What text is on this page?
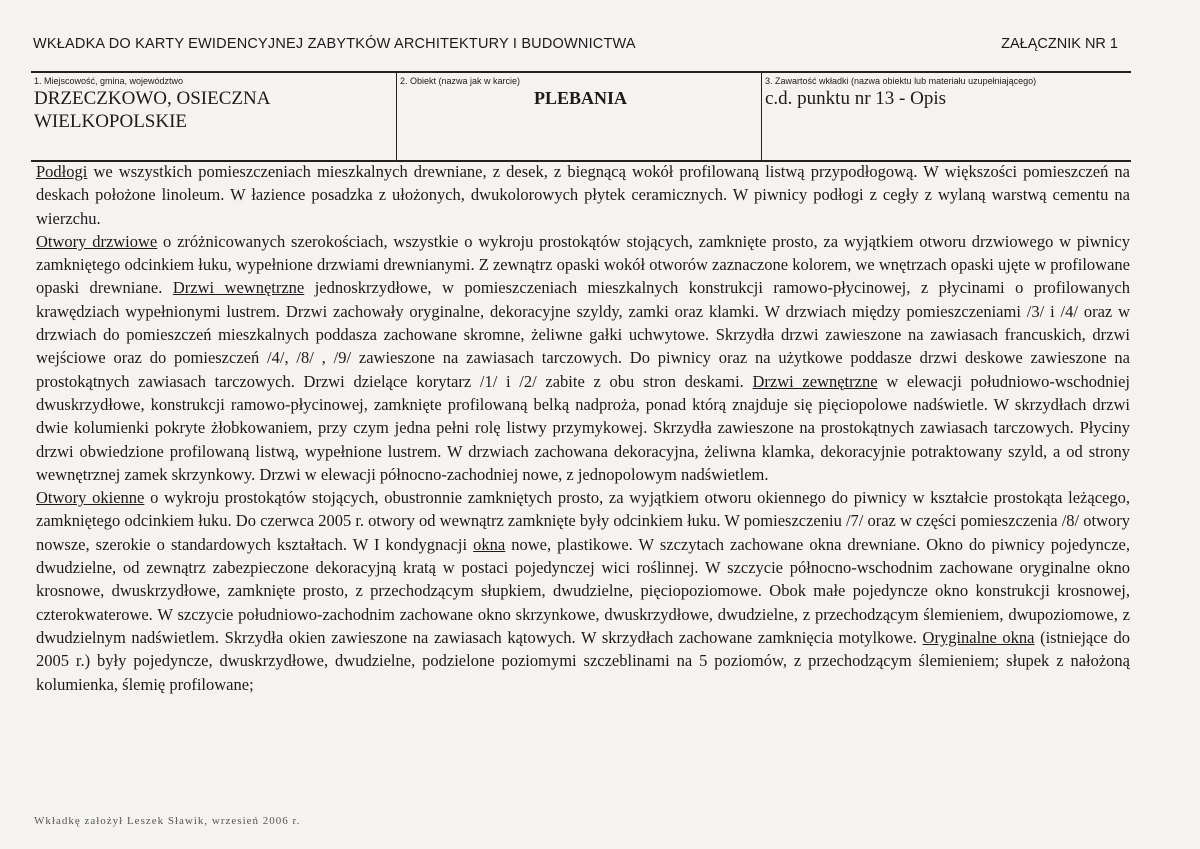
WKŁADKA DO KARTY EWIDENCYJNEJ ZABYTKÓW ARCHITEKTURY I BUDOWNICTWA	ZAŁĄCZNIK NR 1
1. Miejscowość, gmina, województwo
DRZECZKOWO, OSIECZNA WIELKOPOLSKIE
2. Obiekt (nazwa jak w karcie)
PLEBANIA
3. Zawartość wkładki (nazwa obiektu lub materiału uzupełniającego)
c.d. punktu nr 13 - Opis

Podłogi we wszystkich pomieszczeniach mieszkalnych drewniane, z desek, z biegnącą wokół profilowaną listwą przypodłogową. W większości pomieszczeń na deskach położone linoleum. W łazience posadzka z ułożonych, dwukolorowych płytek ceramicznych. W piwnicy podłogi z cegły z wylaną warstwą cementu na wierzchu.

Otwory drzwiowe o zróżnicowanych szerokościach, wszystkie o wykroju prostokątów stojących, zamknięte prosto, za wyjątkiem otworu drzwiowego w piwnicy zamkniętego odcinkiem łuku, wypełnione drzwiami drewnianymi. Z zewnątrz opaski wokół otworów zaznaczone kolorem, we wnętrzach opaski ujęte w profilowane opaski drewniane. Drzwi wewnętrzne jednoskrzydłowe, w pomieszczeniach mieszkalnych konstrukcji ramowo-płycinowej, z płycinami o profilowanych krawędziach wypełnionymi lustrem. Drzwi zachowały oryginalne, dekoracyjne szyldy, zamki oraz klamki. W drzwiach między pomieszczeniami /3/ i /4/ oraz w drzwiach do pomieszczeń mieszkalnych poddasza zachowane skromne, żeliwne gałki uchwytowe. Skrzydła drzwi zawieszone na zawiasach francuskich, drzwi wejściowe oraz do pomieszczeń /4/, /8/ , /9/ zawieszone na zawiasach tarczowych. Do piwnicy oraz na użytkowe poddasze drzwi deskowe zawieszone na prostokątnych zawiasach tarczowych. Drzwi dzielące korytarz /1/ i /2/ zabite z obu stron deskami. Drzwi zewnętrzne w elewacji południowo-wschodniej dwuskrzydłowe, konstrukcji ramowo-płycinowej, zamknięte profilowaną belką nadproża, ponad którą znajduje się pięciopolowe nadświetle. W skrzydłach drzwi dwie kolumienki pokryte żłobkowaniem, przy czym jedna pełni rolę listwy przymykowej. Skrzydła zawieszone na prostokątnych zawiasach tarczowych. Płyciny drzwi obwiedzione profilowaną listwą, wypełnione lustrem. W drzwiach zachowana dekoracyjna, żeliwna klamka, dekoracyjnie potraktowany szyld, a od strony wewnętrznej zamek skrzynkowy. Drzwi w elewacji północno-zachodniej nowe, z jednopolowym nadświetlem.

Otwory okienne o wykroju prostokątów stojących, obustronnie zamkniętych prosto, za wyjątkiem otworu okiennego do piwnicy w kształcie prostokąta leżącego, zamkniętego odcinkiem łuku. Do czerwca 2005 r. otwory od wewnątrz zamknięte były odcinkiem łuku. W pomieszczeniu /7/ oraz w części pomieszczenia /8/ otwory nowsze, szerokie o standardowych kształtach. W I kondygnacji okna nowe, plastikowe. W szczytach zachowane okna drewniane. Okno do piwnicy pojedyncze, dwudzielne, od zewnątrz zabezpieczone dekoracyjną kratą w postaci pojedynczej wici roślinnej. W szczycie północno-wschodnim zachowane oryginalne okno krosnowe, dwuskrzydłowe, zamknięte prosto, z przechodzącym słupkiem, dwudzielne, pięciopoziomowe. Obok małe pojedyncze okno konstrukcji krosnowej, czterokwaterowe. W szczycie południowo-zachodnim zachowane okno skrzynkowe, dwuskrzydłowe, dwudzielne, z przechodzącym ślemieniem, dwupoziomowe, z dwudzielnym nadświetlem. Skrzydła okien zawieszone na zawiasach kątowych. W skrzydłach zachowane zamknięcia motylkowe. Oryginalne okna (istniejące do 2005 r.) były pojedyncze, dwuskrzydłowe, dwudzielne, podzielone poziomymi szczeblinami na 5 poziomów, z przechodzącym ślemieniem; słupek z nałożoną kolumienka, ślemię profilowane;

Wkładkę założył Leszek Sławik, wrzesień 2006 r.
